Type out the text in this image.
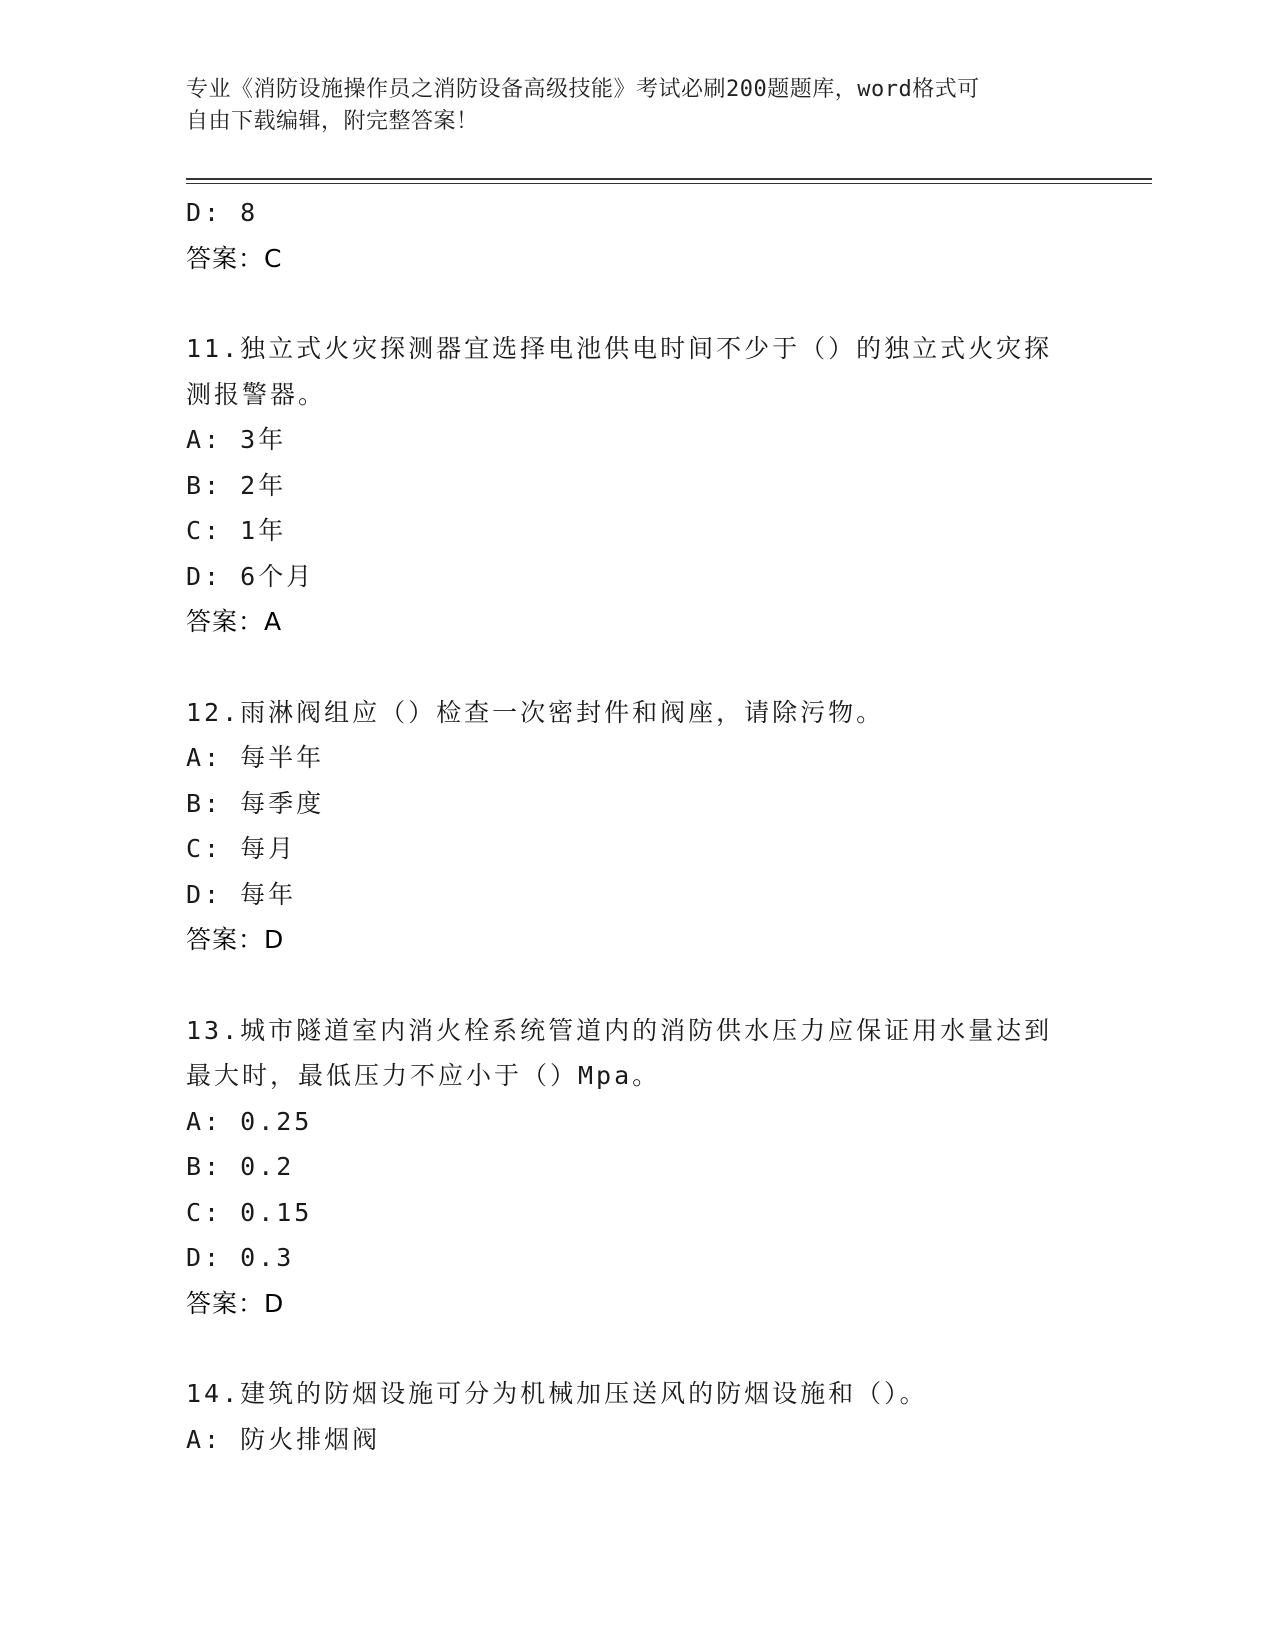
专业《消防设施操作员之消防设备高级技能》考试必刷200题题库，word格式可
自由下载编辑，附完整答案！
D: 8
答案：C
11.独立式火灾探测器宜选择电池供电时间不少于（）的独立式火灾探
测报警器。
A: 3年
B: 2年
C: 1年
D: 6个月
答案：A
12.雨淋阀组应（）检查一次密封件和阀座，请除污物。
A: 每半年
B: 每季度
C: 每月
D: 每年
答案：D
13.城市隧道室内消火栓系统管道内的消防供水压力应保证用水量达到
最大时，最低压力不应小于（）Mpa。
A: 0.25
B: 0.2
C: 0.15
D: 0.3
答案：D
14.建筑的防烟设施可分为机械加压送风的防烟设施和（）。
A: 防火排烟阀
